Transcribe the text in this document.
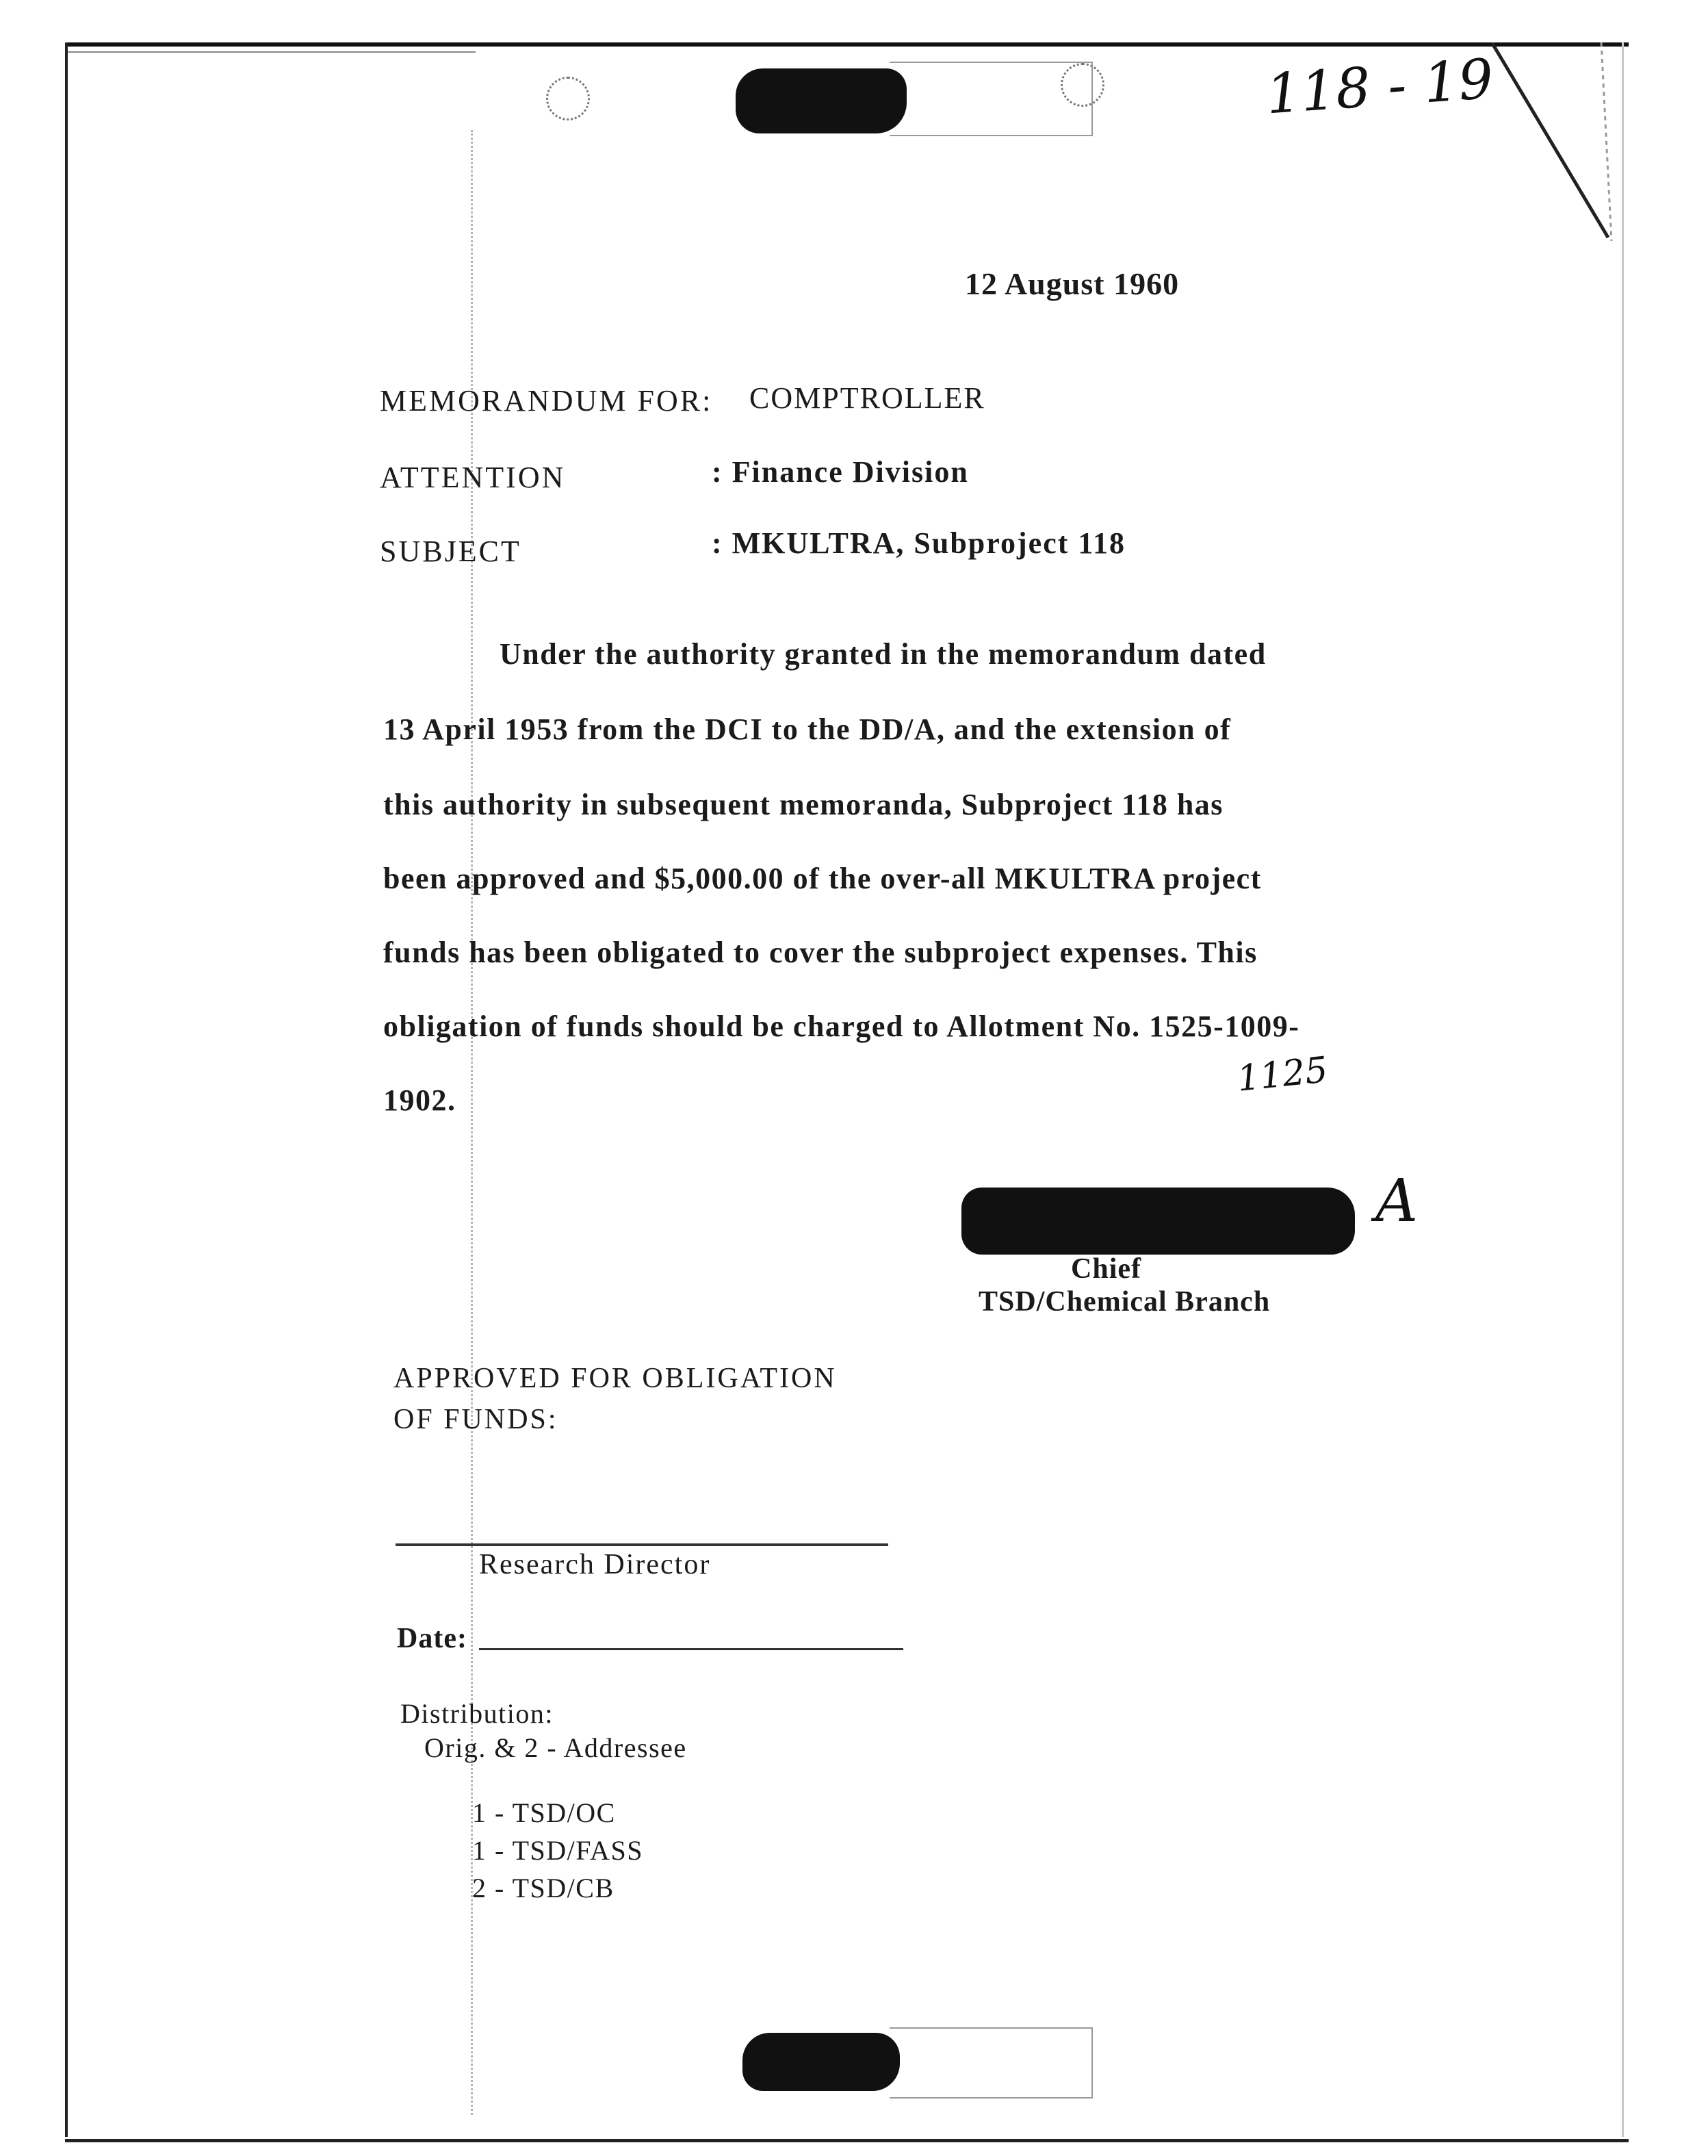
118 - 19
12 August 1960
MEMORANDUM FOR: COMPTROLLER
ATTENTION	: Finance Division
SUBJECT	: MKULTRA, Subproject 118
Under the authority granted in the memorandum dated
13 April 1953 from the DCI to the DD/A, and the extension of
this authority in subsequent memoranda, Subproject 118 has
been approved and $5,000.00 of the over-all MKULTRA project
funds has been obligated to cover the subproject expenses. This
obligation of funds should be charged to Allotment No. 1525-1009-
1902.
1125
A
Chief
TSD/Chemical Branch
APPROVED FOR OBLIGATION
OF FUNDS:
Research Director
Date:
Distribution:
Orig. & 2 - Addressee
1 - TSD/OC
1 - TSD/FASS
2 - TSD/CB
